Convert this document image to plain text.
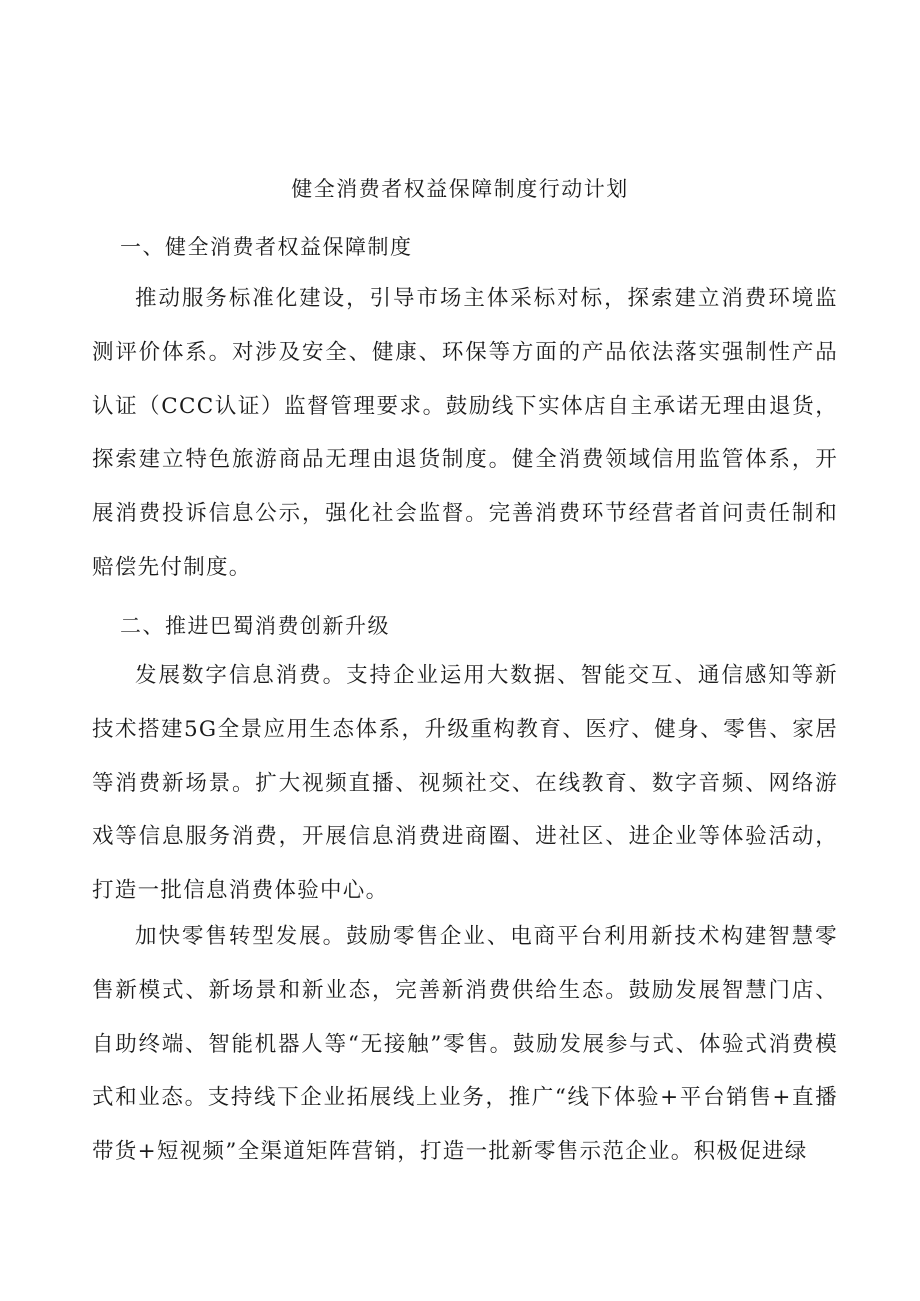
健全消费者权益保障制度行动计划
一、健全消费者权益保障制度

推动服务标准化建设，引导市场主体采标对标，探索建立消费环境监测评价体系。对涉及安全、健康、环保等方面的产品依法落实强制性产品认证（CCC认证）监督管理要求。鼓励线下实体店自主承诺无理由退货，探索建立特色旅游商品无理由退货制度。健全消费领域信用监管体系，开展消费投诉信息公示，强化社会监督。完善消费环节经营者首问责任制和赔偿先付制度。

二、推进巴蜀消费创新升级

发展数字信息消费。支持企业运用大数据、智能交互、通信感知等新技术搭建5G全景应用生态体系，升级重构教育、医疗、健身、零售、家居等消费新场景。扩大视频直播、视频社交、在线教育、数字音频、网络游戏等信息服务消费，开展信息消费进商圈、进社区、进企业等体验活动，打造一批信息消费体验中心。

加快零售转型发展。鼓励零售企业、电商平台利用新技术构建智慧零售新模式、新场景和新业态，完善新消费供给生态。鼓励发展智慧门店、自助终端、智能机器人等“无接触”零售。鼓励发展参与式、体验式消费模式和业态。支持线下企业拓展线上业务，推广“线下体验+平台销售+直播带货+短视频”全渠道矩阵营销，打造一批新零售示范企业。积极促进绿
